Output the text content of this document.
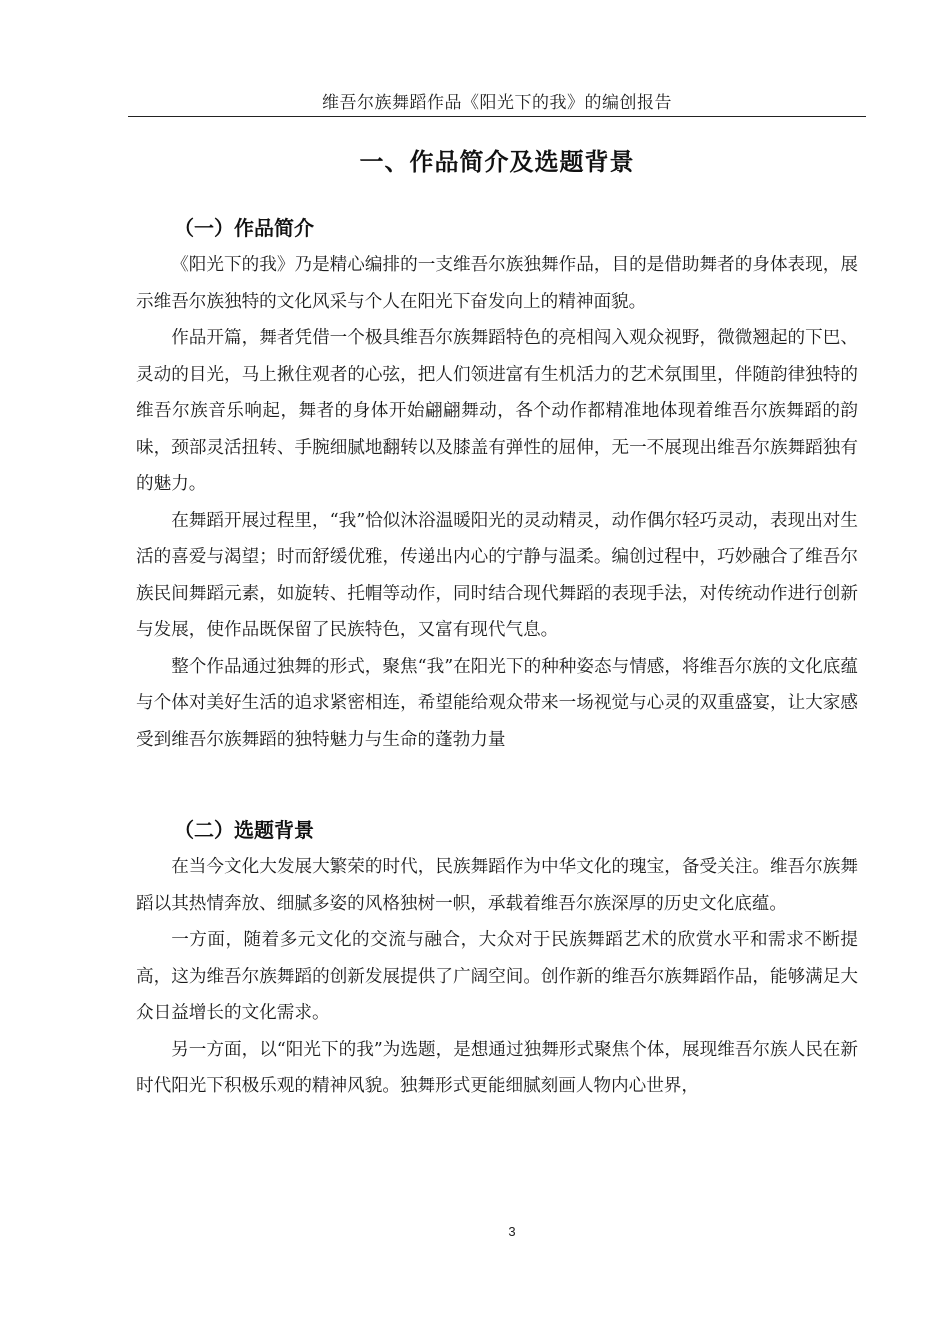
维吾尔族舞蹈作品《阳光下的我》的编创报告
一、作品简介及选题背景
（一）作品简介

《阳光下的我》乃是精心编排的一支维吾尔族独舞作品，目的是借助舞者的身体表现，展示维吾尔族独特的文化风采与个人在阳光下奋发向上的精神面貌。

作品开篇，舞者凭借一个极具维吾尔族舞蹈特色的亮相闯入观众视野，微微翘起的下巴、灵动的目光，马上揪住观者的心弦，把人们领进富有生机活力的艺术氛围里，伴随韵律独特的维吾尔族音乐响起，舞者的身体开始翩翩舞动，各个动作都精准地体现着维吾尔族舞蹈的韵味，颈部灵活扭转、手腕细腻地翻转以及膝盖有弹性的屈伸，无一不展现出维吾尔族舞蹈独有的魅力。

在舞蹈开展过程里，“我”恰似沐浴温暖阳光的灵动精灵，动作偶尔轻巧灵动，表现出对生活的喜爱与渴望；时而舒缓优雅，传递出内心的宁静与温柔。编创过程中，巧妙融合了维吾尔族民间舞蹈元素，如旋转、托帽等动作，同时结合现代舞蹈的表现手法，对传统动作进行创新与发展，使作品既保留了民族特色，又富有现代气息。

整个作品通过独舞的形式，聚焦“我”在阳光下的种种姿态与情感，将维吾尔族的文化底蕴与个体对美好生活的追求紧密相连，希望能给观众带来一场视觉与心灵的双重盛宴，让大家感受到维吾尔族舞蹈的独特魅力与生命的蓬勃力量

（二）选题背景

在当今文化大发展大繁荣的时代，民族舞蹈作为中华文化的瑰宝，备受关注。维吾尔族舞蹈以其热情奔放、细腻多姿的风格独树一帜，承载着维吾尔族深厚的历史文化底蕴。

一方面，随着多元文化的交流与融合，大众对于民族舞蹈艺术的欣赏水平和需求不断提高，这为维吾尔族舞蹈的创新发展提供了广阔空间。创作新的维吾尔族舞蹈作品，能够满足大众日益增长的文化需求。

另一方面，以“阳光下的我”为选题，是想通过独舞形式聚焦个体，展现维吾尔族人民在新时代阳光下积极乐观的精神风貌。独舞形式更能细腻刻画人物内心世界，

3
